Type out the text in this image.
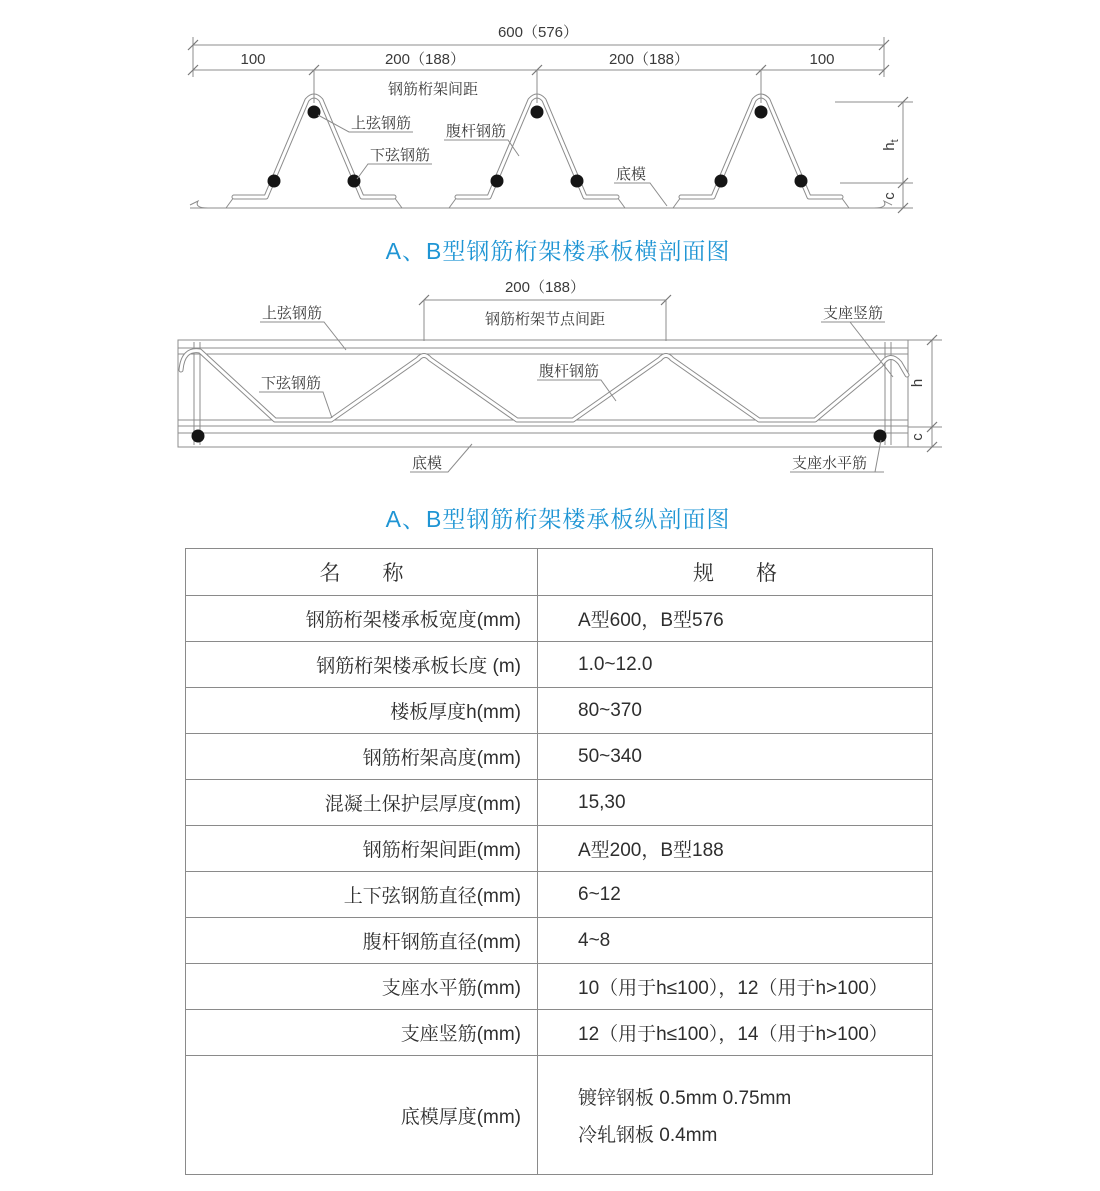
600（576）
100	200（188）	200（188）	100
钢筋桁架间距
上弦钢筋 腹杆钢筋
下弦钢筋
底模
$h_t$
c
A、B型钢筋桁架楼承板横剖面图
200（188）
钢筋桁架节点间距
上弦钢筋	支座竖筋
下弦钢筋
腹杆钢筋
底模	支座水平筋
h
c
A、B型钢筋桁架楼承板纵剖面图
名　　称	规　　格
钢筋桁架楼承板宽度(mm)	A型600，B型576
钢筋桁架楼承板长度 (m)	1.0~12.0
楼板厚度h(mm)	80~370
钢筋桁架高度(mm)	50~340
混凝土保护层厚度(mm)	15,30
钢筋桁架间距(mm)	A型200，B型188
上下弦钢筋直径(mm)	6~12
腹杆钢筋直径(mm)	4~8
支座水平筋(mm)	10（用于h≤100），12（用于h>100）
支座竖筋(mm)	12（用于h≤100），14（用于h>100）
底模厚度(mm)	镀锌钢板 0.5mm 0.75mm
冷轧钢板 0.4mm
